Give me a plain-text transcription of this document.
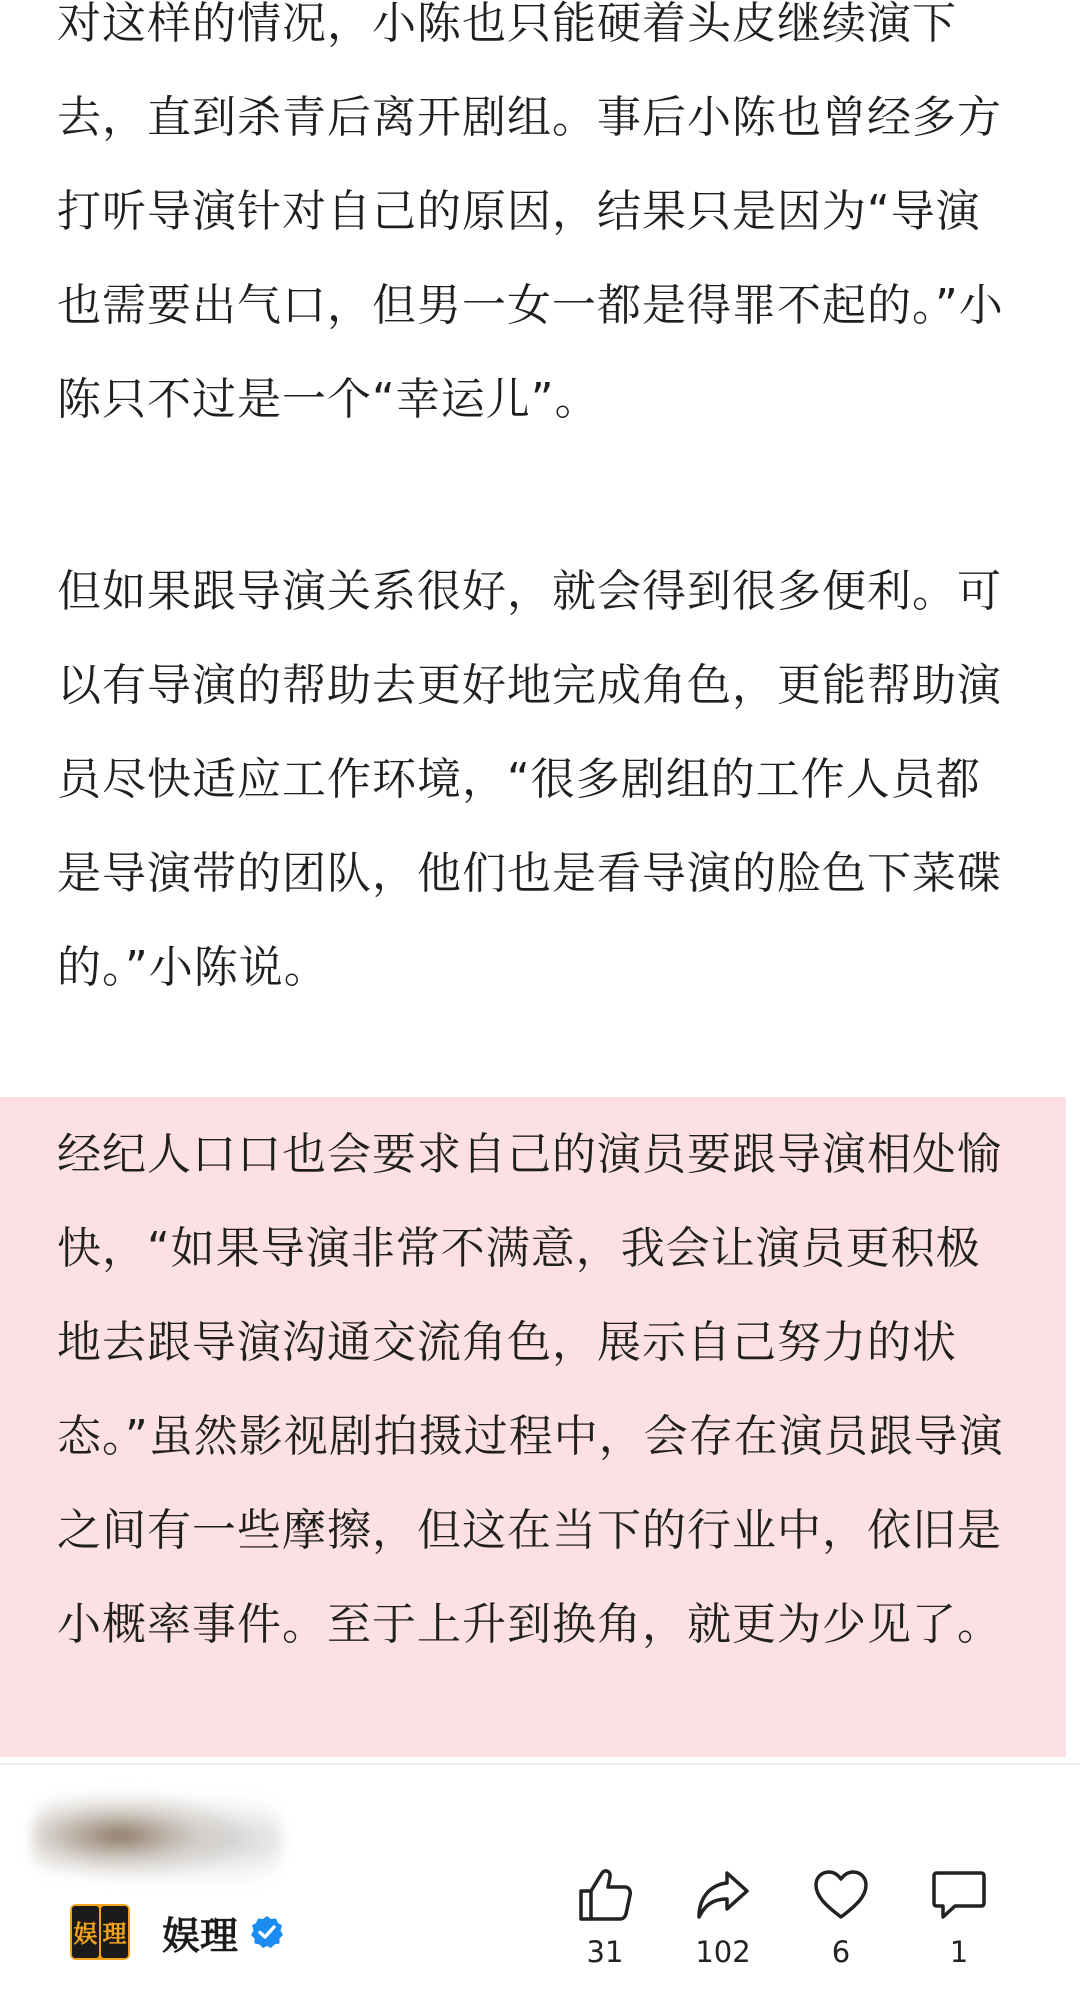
对这样的情况，小陈也只能硬着头皮继续演下去，直到杀青后离开剧组。事后小陈也曾经多方打听导演针对自己的原因，结果只是因为“导演也需要出气口，但男一女一都是得罪不起的。”小陈只不过是一个“幸运儿”。
但如果跟导演关系很好，就会得到很多便利。可以有导演的帮助去更好地完成角色，更能帮助演员尽快适应工作环境，“很多剧组的工作人员都是导演带的团队，他们也是看导演的脸色下菜碟的。”小陈说。
经纪人口口也会要求自己的演员要跟导演相处愉快，“如果导演非常不满意，我会让演员更积极地去跟导演沟通交流角色，展示自己努力的状态。”虽然影视剧拍摄过程中，会存在演员跟导演之间有一些摩擦，但这在当下的行业中，依旧是小概率事件。至于上升到换角，就更为少见了。
娱 理 娱理	31	102	6	1
